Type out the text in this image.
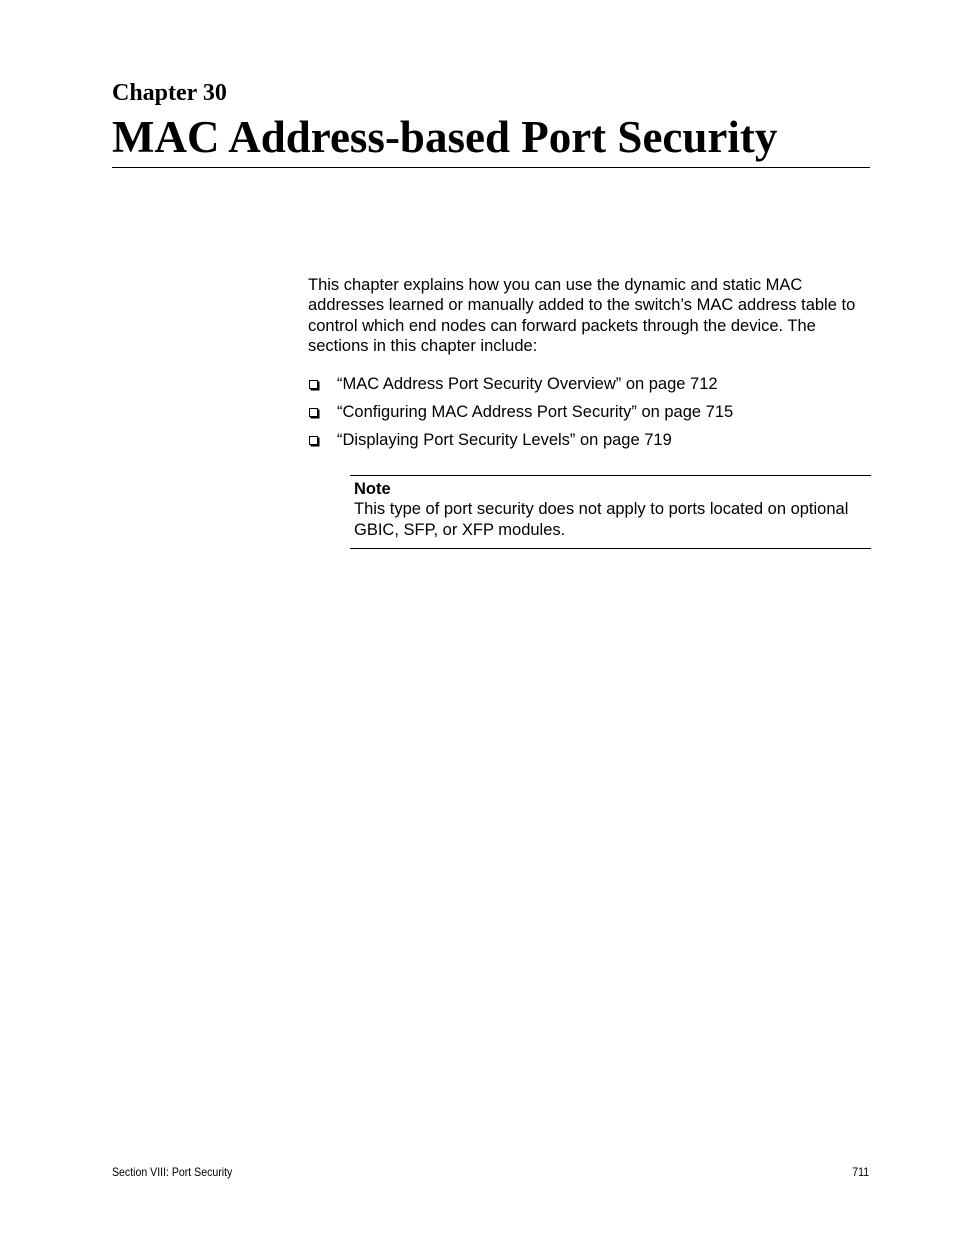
Chapter 30
MAC Address-based Port Security

This chapter explains how you can use the dynamic and static MAC addresses learned or manually added to the switch’s MAC address table to control which end nodes can forward packets through the device. The sections in this chapter include:

“MAC Address Port Security Overview” on page 712
“Configuring MAC Address Port Security” on page 715
“Displaying Port Security Levels” on page 719

Note

This type of port security does not apply to ports located on optional GBIC, SFP, or XFP modules.

Section VIII: Port Security	711
